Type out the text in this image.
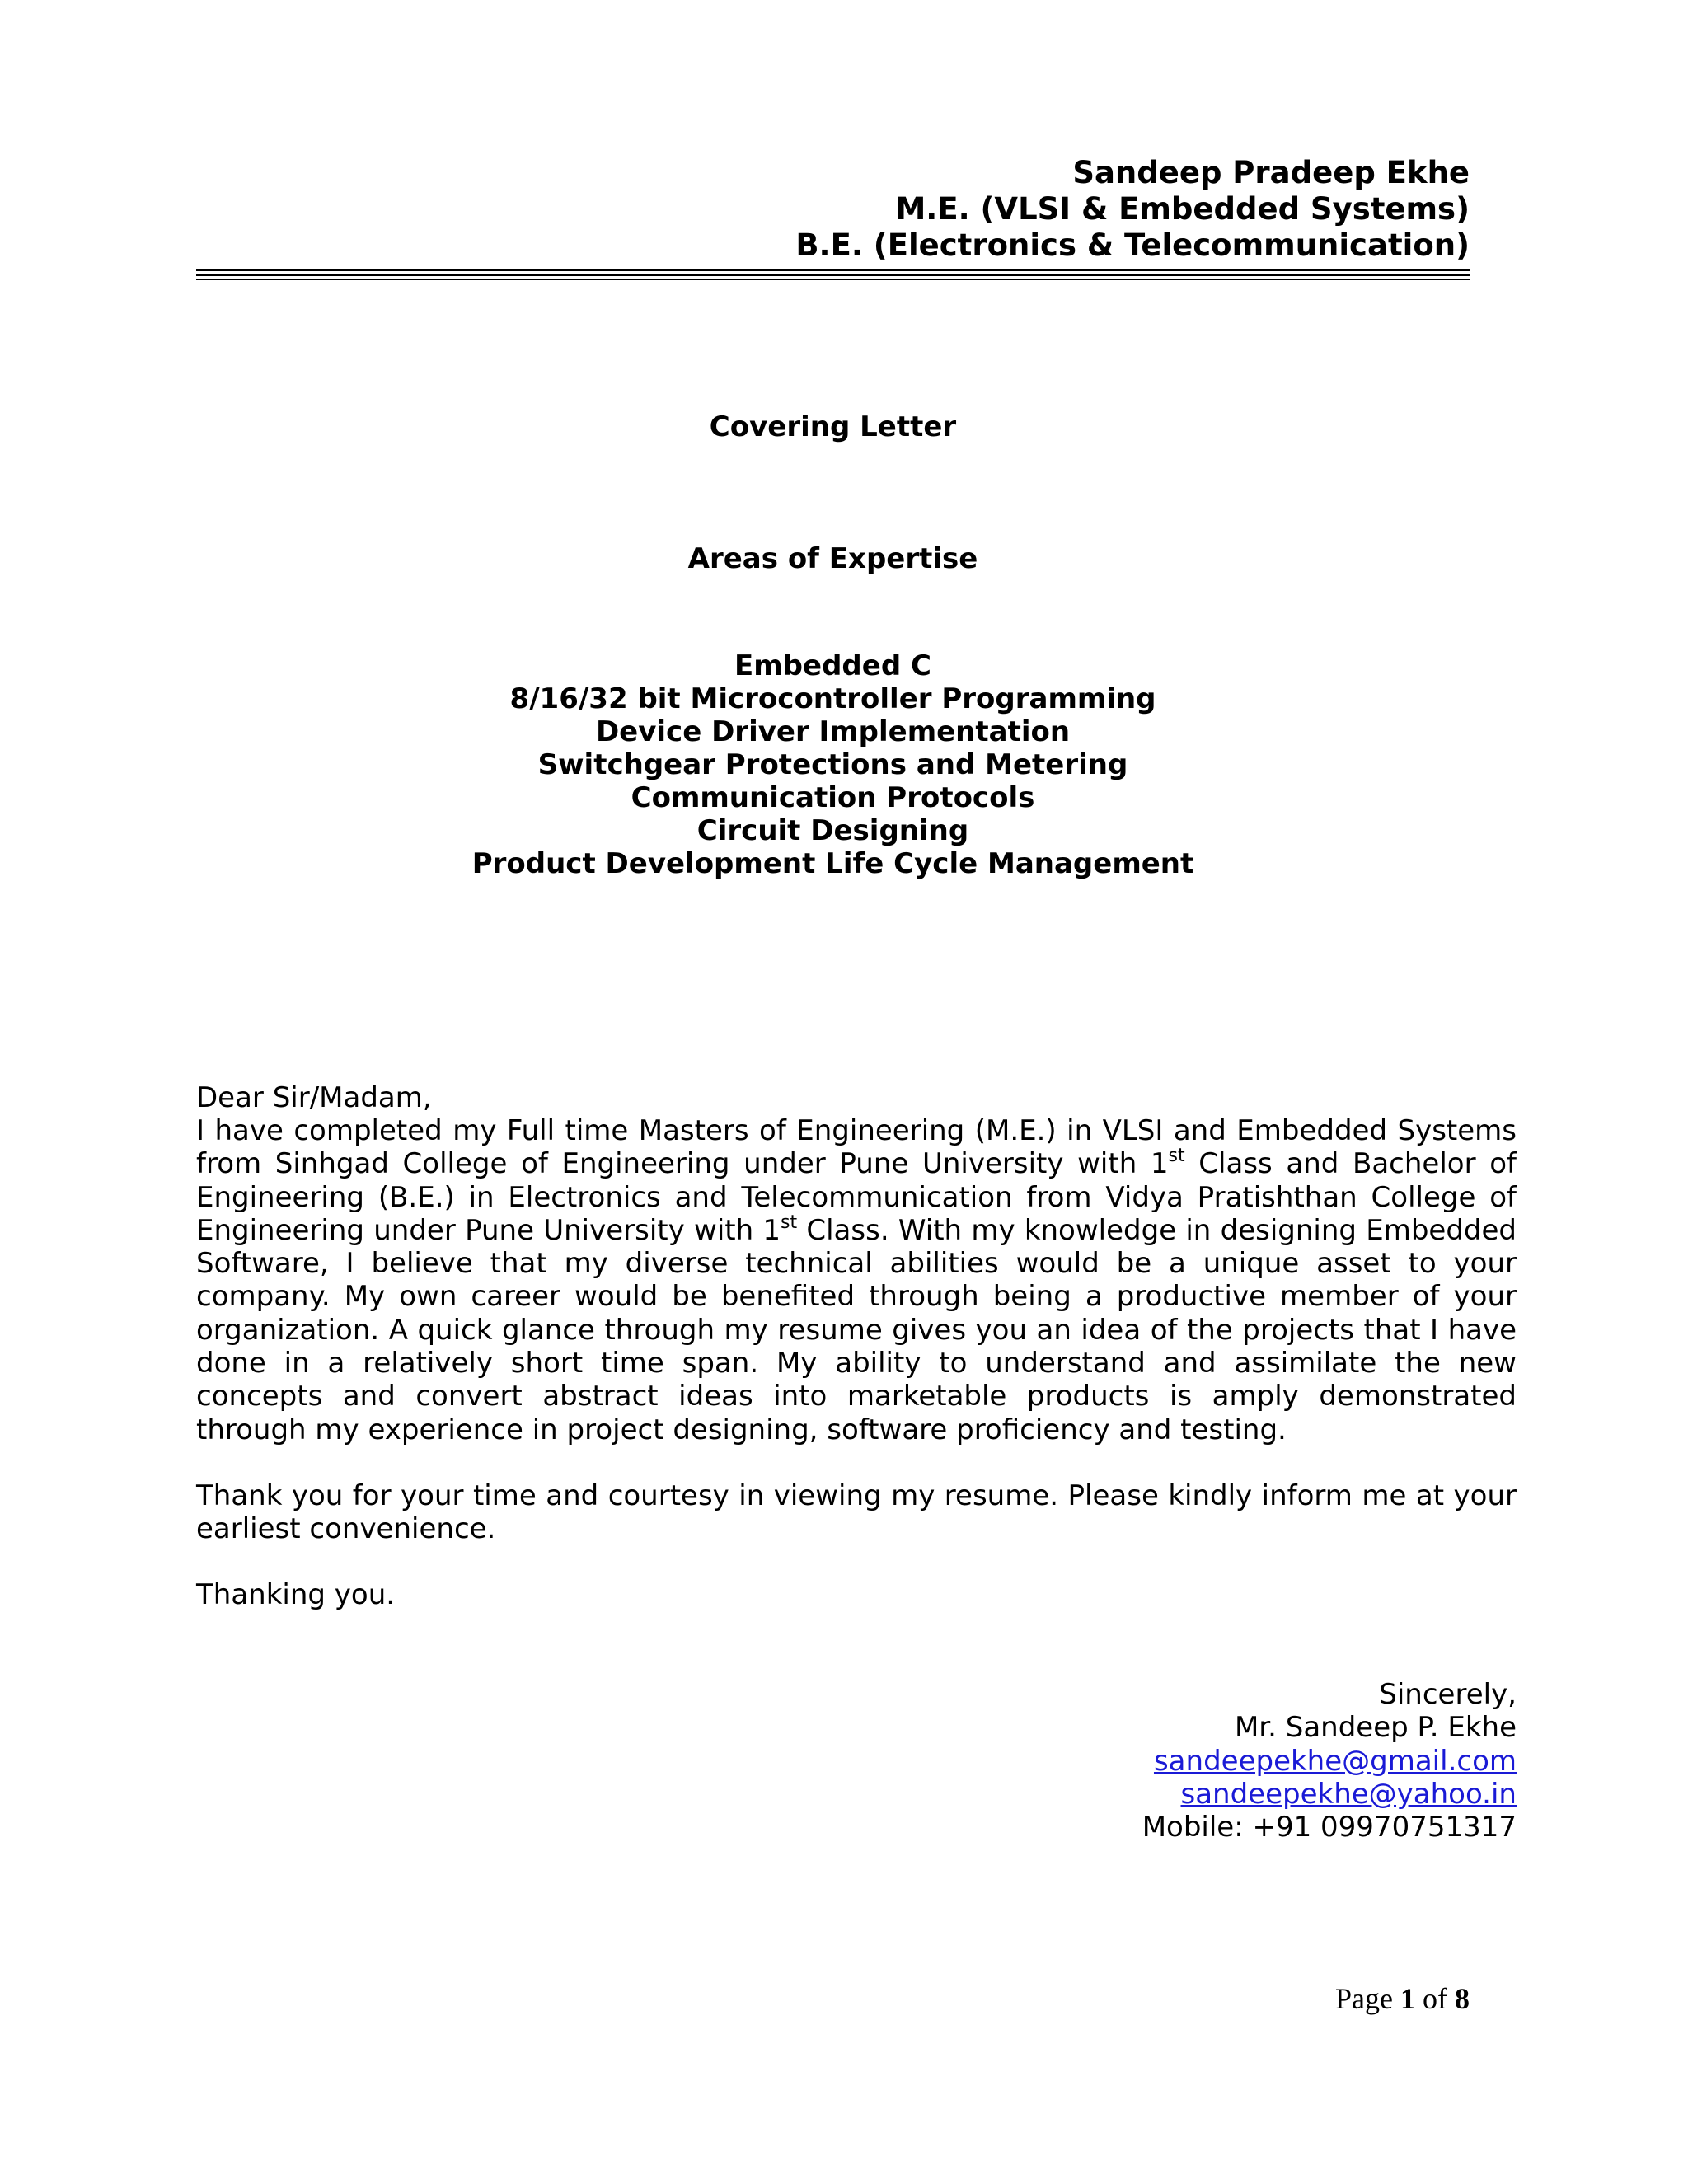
Sandeep Pradeep Ekhe
M.E. (VLSI & Embedded Systems)
B.E. (Electronics & Telecommunication)
Covering Letter
Areas of Expertise
Embedded C
8/16/32 bit Microcontroller Programming
Device Driver Implementation
Switchgear Protections and Metering
Communication Protocols
Circuit Designing
Product Development Life Cycle Management
Dear Sir/Madam,
I have completed my Full time Masters of Engineering (M.E.) in VLSI and Embedded Systems from Sinhgad College of Engineering under Pune University with 1st Class and Bachelor of Engineering (B.E.) in Electronics and Telecommunication from Vidya Pratishthan College of Engineering under Pune University with 1st Class. With my knowledge in designing Embedded Software, I believe that my diverse technical abilities would be a unique asset to your company. My own career would be benefited through being a productive member of your organization. A quick glance through my resume gives you an idea of the projects that I have done in a relatively short time span. My ability to understand and assimilate the new concepts and convert abstract ideas into marketable products is amply demonstrated through my experience in project designing, software proficiency and testing.
Thank you for your time and courtesy in viewing my resume. Please kindly inform me at your earliest convenience.
Thanking you.
Sincerely,
Mr. Sandeep P. Ekhe
sandeepekhe@gmail.com
sandeepekhe@yahoo.in
Mobile: +91 09970751317
Page 1 of 8
